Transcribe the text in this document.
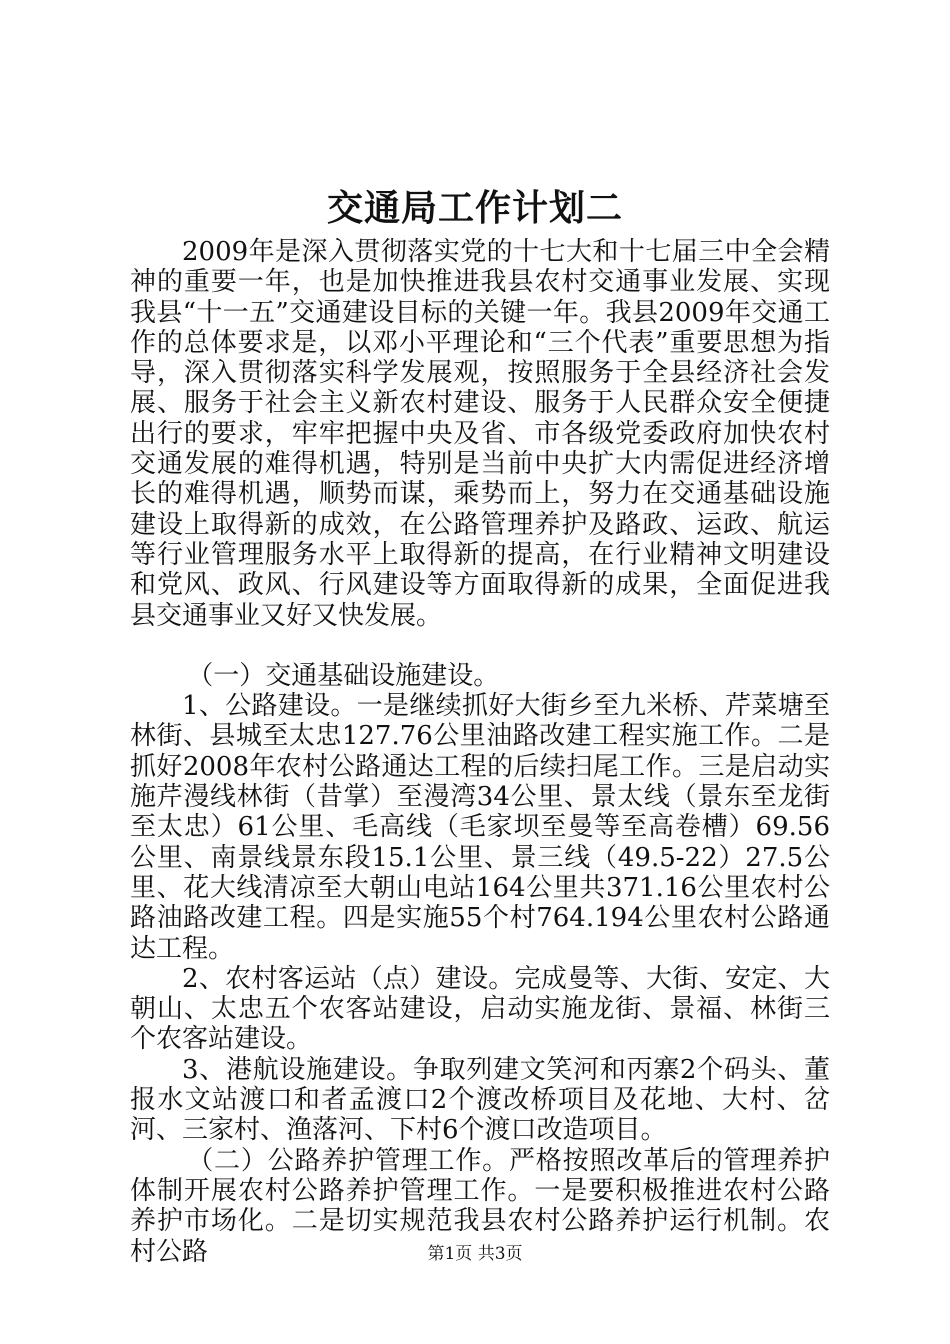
交通局工作计划二

2009年是深入贯彻落实党的十七大和十七届三中全会精神的重要一年，也是加快推进我县农村交通事业发展、实现我县“十一五”交通建设目标的关键一年。我县2009年交通工作的总体要求是，以邓小平理论和“三个代表”重要思想为指导，深入贯彻落实科学发展观，按照服务于全县经济社会发展、服务于社会主义新农村建设、服务于人民群众安全便捷出行的要求，牢牢把握中央及省、市各级党委政府加快农村交通发展的难得机遇，特别是当前中央扩大内需促进经济增长的难得机遇，顺势而谋，乘势而上，努力在交通基础设施建设上取得新的成效，在公路管理养护及路政、运政、航运等行业管理服务水平上取得新的提高，在行业精神文明建设和党风、政风、行风建设等方面取得新的成果，全面促进我县交通事业又好又快发展。

（一）交通基础设施建设。

1、公路建设。一是继续抓好大街乡至九米桥、芹菜塘至林街、县城至太忠127.76公里油路改建工程实施工作。二是抓好2008年农村公路通达工程的后续扫尾工作。三是启动实施芹漫线林街（昔掌）至漫湾34公里、景太线（景东至龙街至太忠）61公里、毛高线（毛家坝至曼等至高卷槽）69.56公里、南景线景东段15.1公里、景三线（49.5-22）27.5公里、花大线清凉至大朝山电站164公里共371.16公里农村公路油路改建工程。四是实施55个村764.194公里农村公路通达工程。

2、农村客运站（点）建设。完成曼等、大街、安定、大朝山、太忠五个农客站建设，启动实施龙街、景福、林街三个农客站建设。

3、港航设施建设。争取列建文笑河和丙寨2个码头、董报水文站渡口和者孟渡口2个渡改桥项目及花地、大村、岔河、三家村、渔落河、下村6个渡口改造项目。

（二）公路养护管理工作。严格按照改革后的管理养护体制开展农村公路养护管理工作。一是要积极推进农村公路养护市场化。二是切实规范我县农村公路养护运行机制。农村公路	第1页 共3页
